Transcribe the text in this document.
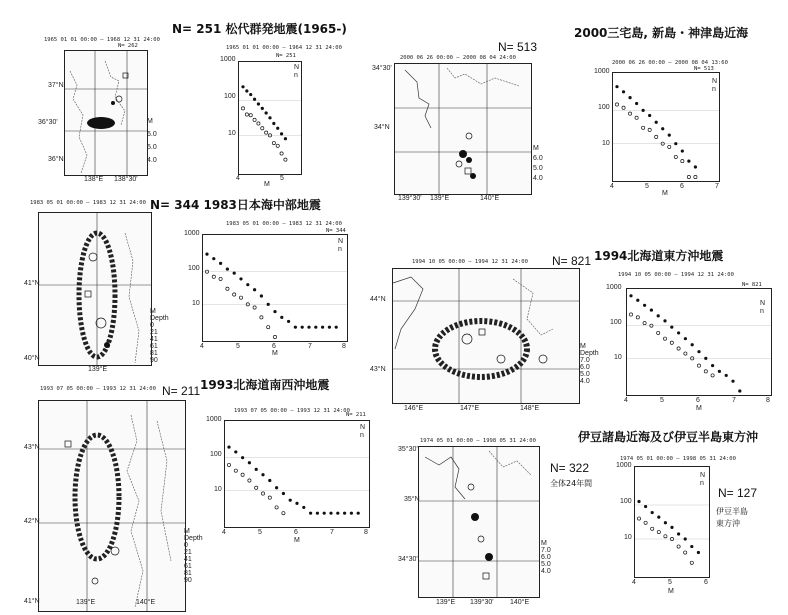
N= 251 松代群発地震(1965-)
1965 01 01 00:00 — 1968 12 31 24:00
N= 262
37°N
36°30'
36°N
138°E 138°30'
M
6.0
5.0
4.0
1965 01 01 00:00 — 1964 12 31 24:00
N= 251
1000
100
10
4	5
M
N
n
N= 513
2000三宅島, 新島・神津島近海
2000 06 26 00:00 — 2000 08 04 24:00
34°30'
34°N
139°30' 139°E	140°E
M
6.0
5.0
4.0
2000 06 26 00:00 — 2000 08 04 13:60
N= 513
1000
100
10
4	5	6	7
M
N
n
N= 344 1983日本海中部地震
1983 05 01 00:00 — 1983 12 31 24:00
41°N
40°N
139°E
M
Depth
0
21
41
61
81
90
1983 05 01 00:00 — 1983 12 31 24:00
N= 344
1000
100
10
4	5	6	7	8
M
N
n	1994北海道東方沖地震
N= 821
1994 10 05 00:00 — 1994 12 31 24:00
44°N
43°N
146°E	147°E	148°E
M
Depth
7.0
6.0
5.0
4.0
1994 10 05 00:00 — 1994 12 31 24:00
N= 821
1000
100
10
4	5	6	7	8
M
N
n
1993北海道南西沖地震
N= 211
1993 07 05 00:00 — 1993 12 31 24:00
43°N
42°N
41°N	139°E	140°E
M
Depth
0
21
41
61
81
90
1993 07 05 00:00 — 1993 12 31 24:00
N= 211
1000
100
10
4	5	6	7	8
M
N
n	伊豆諸島近海及び伊豆半島東方沖
N= 322
全体24年間
1974 05 01 00:00 — 1998 05 31 24:00
35°30'
35°N
34°30'
139°E 139°30' 140°E
M
7.0
6.0
5.0
4.0
1974 05 01 00:00 — 1998 05 31 24:00
1000
100
10
4	5	6
M
N
n
N= 127
伊豆半島
東方沖
